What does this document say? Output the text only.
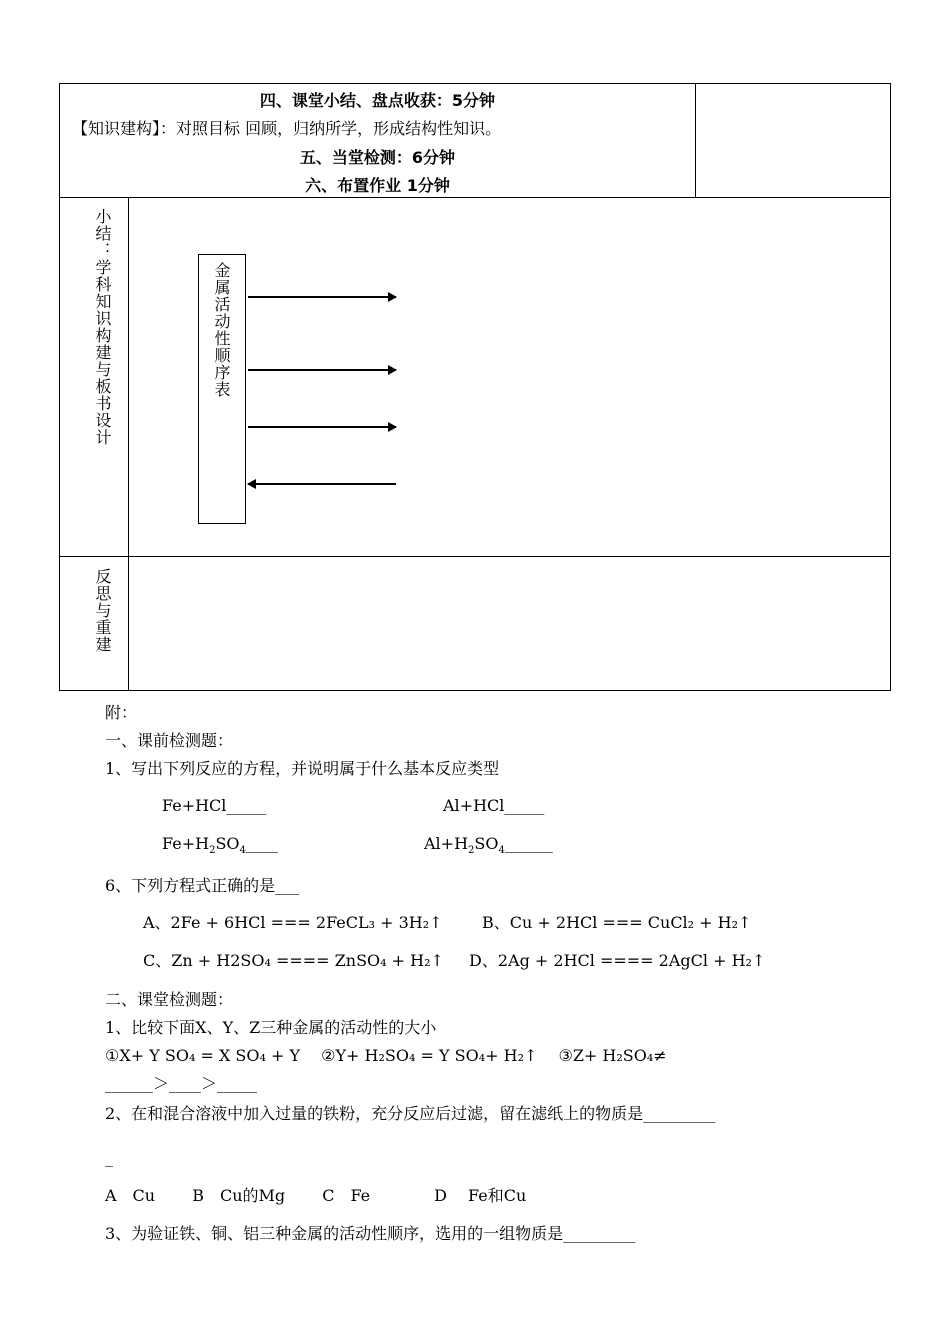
四、课堂小结、盘点收获：5分钟
【知识建构】：对照目标 回顾，归纳所学，形成结构性知识。
五、当堂检测：6分钟
六、布置作业 1分钟
小结：学科知识构建与板书设计	金属活动性顺序表
反思与重建
附：
一、课前检测题：
1、写出下列反应的方程，并说明属于什么基本反应类型
Fe+HCl_____	Al+HCl_____
$Fe+H_2SO_4\_\_\_\_$	$Al+H_2SO_4\_\_\_\_\_\_$
6、下列方程式正确的是___
A、2Fe + 6HCl === 2FeCL₃ + 3H₂↑ B、Cu + 2HCl === CuCl₂ + H₂↑
C、Zn + H2SO₄ ==== ZnSO₄ + H₂↑ D、2Ag + 2HCl ==== 2AgCl + H₂↑
二、课堂检测题：
1、比较下面X、Y、Z三种金属的活动性的大小
①X+ Y SO₄ = X SO₄ + Y　 ②Y+ H₂SO₄ = Y SO₄+ H₂↑　 ③Z+ H₂SO₄≠
______＞____＞_____
2、在和混合溶液中加入过量的铁粉，充分反应后过滤，留在滤纸上的物质是_________
_
A　Cu　　 B　Cu的Mg　　 C　Fe　　　　D　 Fe和Cu
3、为验证铁、铜、铝三种金属的活动性顺序，选用的一组物质是_________
